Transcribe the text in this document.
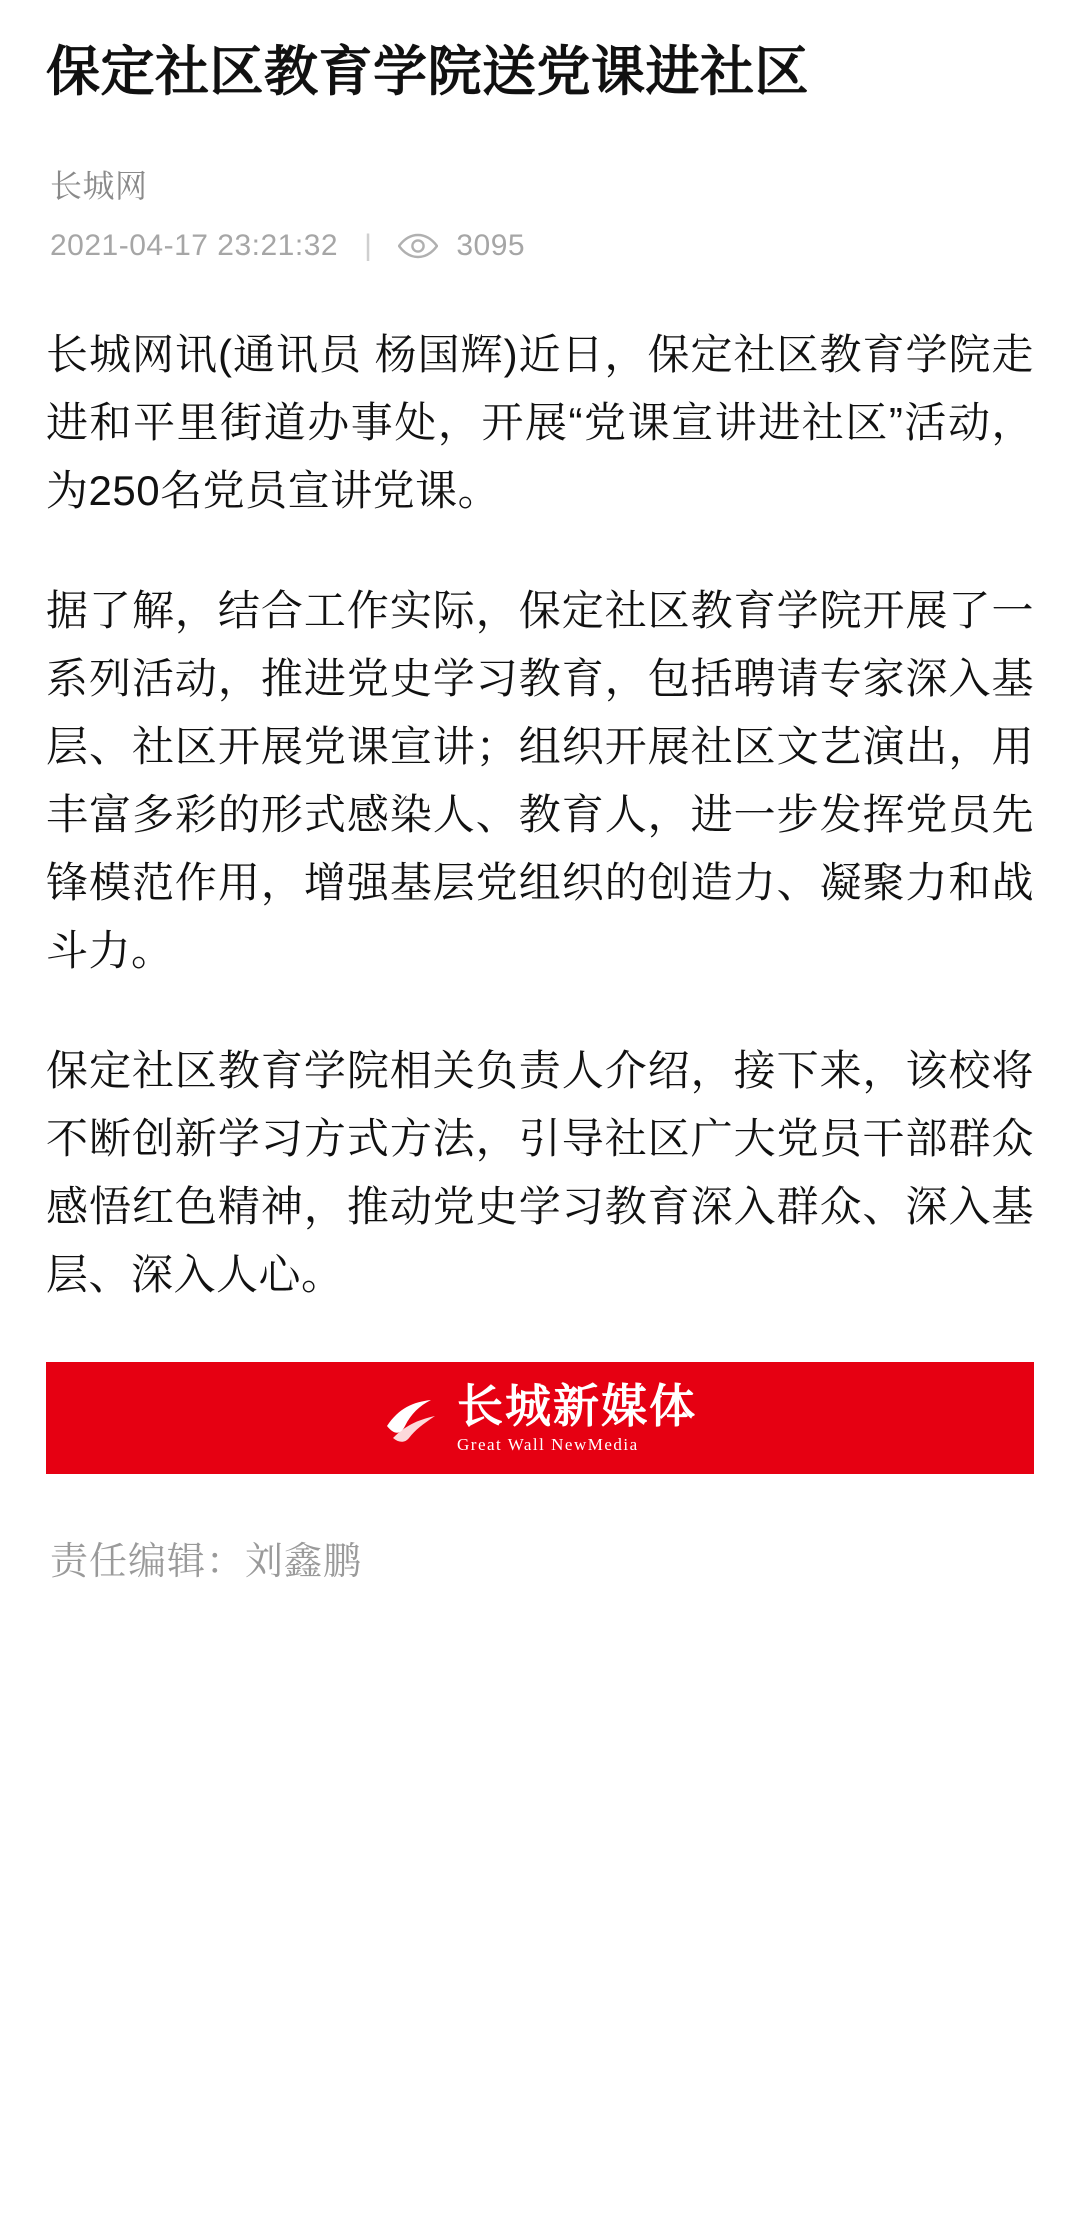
保定社区教育学院送党课进社区
长城网
2021-04-17 23:21:32 |	3095

长城网讯(通讯员 杨国辉)近日，保定社区教育学院走进和平里街道办事处，开展“党课宣讲进社区”活动，为250名党员宣讲党课。

据了解，结合工作实际，保定社区教育学院开展了一系列活动，推进党史学习教育，包括聘请专家深入基层、社区开展党课宣讲；组织开展社区文艺演出，用丰富多彩的形式感染人、教育人，进一步发挥党员先锋模范作用，增强基层党组织的创造力、凝聚力和战斗力。

保定社区教育学院相关负责人介绍，接下来，该校将不断创新学习方式方法，引导社区广大党员干部群众感悟红色精神，推动党史学习教育深入群众、深入基层、深入人心。

长城新媒体
Great Wall NewMedia
责任编辑：刘鑫鹏
